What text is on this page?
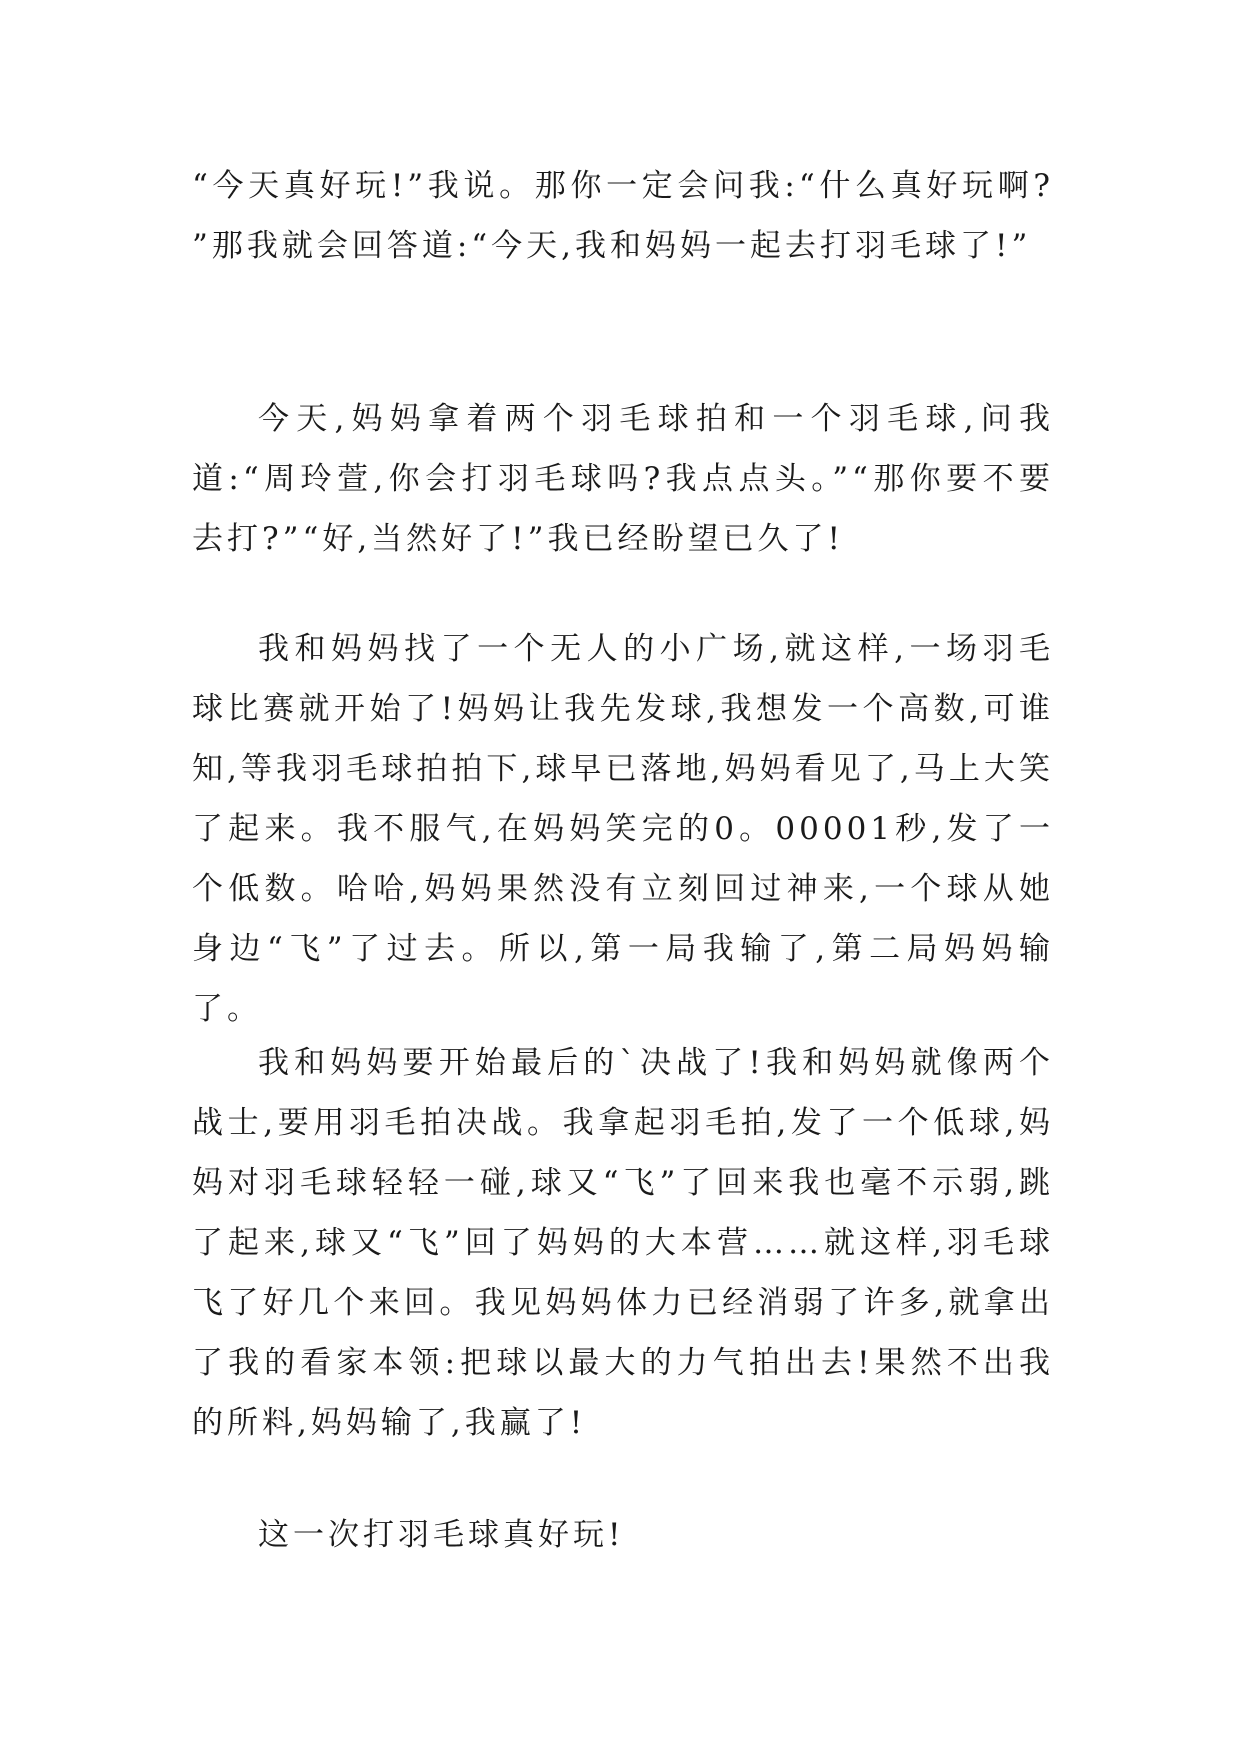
“今天真好玩!”我说。那你一定会问我:“什么真好玩啊? ”那我就会回答道:“今天,我和妈妈一起去打羽毛球了!”

今天,妈妈拿着两个羽毛球拍和一个羽毛球,问我道:“周玲萱,你会打羽毛球吗?我点点头。”“那你要不要去打?”“好,当然好了!”我已经盼望已久了!

我和妈妈找了一个无人的小广场,就这样,一场羽毛球比赛就开始了!妈妈让我先发球,我想发一个高数,可谁知,等我羽毛球拍拍下,球早已落地,妈妈看见了,马上大笑了起来。我不服气,在妈妈笑完的0。00001秒,发了一个低数。哈哈,妈妈果然没有立刻回过神来,一个球从她身边“飞”了过去。所以,第一局我输了,第二局妈妈输了。

我和妈妈要开始最后的`决战了!我和妈妈就像两个战士,要用羽毛拍决战。我拿起羽毛拍,发了一个低球,妈妈对羽毛球轻轻一碰,球又“飞”了回来我也毫不示弱,跳了起来,球又“飞”回了妈妈的大本营……就这样,羽毛球飞了好几个来回。我见妈妈体力已经消弱了许多,就拿出了我的看家本领:把球以最大的力气拍出去!果然不出我的所料,妈妈输了,我赢了!

这一次打羽毛球真好玩!
